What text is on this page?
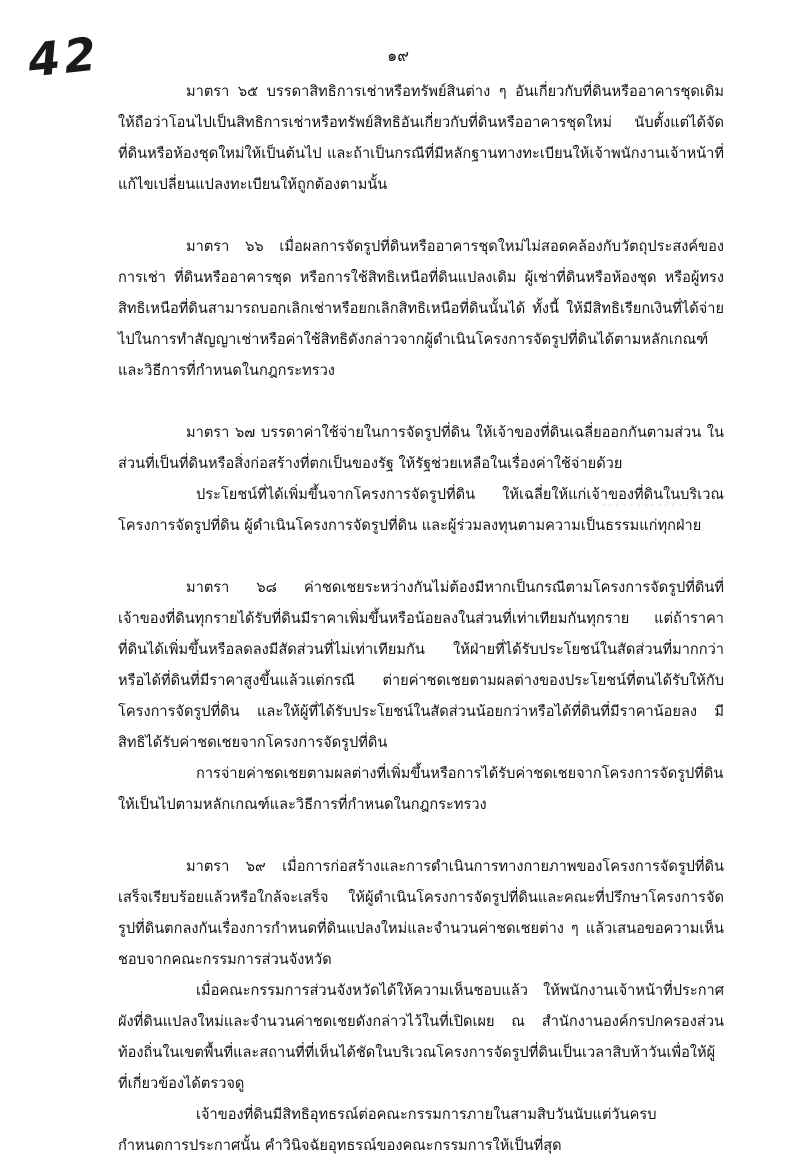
42	๑๙

มาตรา ๖๕ บรรดาสิทธิการเช่าหรือทรัพย์สินต่าง ๆ อันเกี่ยวกับที่ดินหรืออาคารชุดเดิม ให้ถือว่าโอนไปเป็นสิทธิการเช่าหรือทรัพย์สิทธิอันเกี่ยวกับที่ดินหรืออาคารชุดใหม่ นับตั้งแต่ได้จัดที่ดินหรือห้องชุดใหม่ให้เป็นต้นไป และถ้าเป็นกรณีที่มีหลักฐานทางทะเบียนให้เจ้าพนักงานเจ้าหน้าที่แก้ไขเปลี่ยนแปลงทะเบียนให้ถูกต้องตามนั้น

มาตรา ๖๖ เมื่อผลการจัดรูปที่ดินหรืออาคารชุดใหม่ไม่สอดคล้องกับวัตถุประสงค์ของการเช่า ที่ดินหรืออาคารชุด หรือการใช้สิทธิเหนือที่ดินแปลงเดิม ผู้เช่าที่ดินหรือห้องชุด หรือผู้ทรงสิทธิเหนือที่ดินสามารถบอกเลิกเช่าหรือยกเลิกสิทธิเหนือที่ดินนั้นได้ ทั้งนี้ ให้มีสิทธิเรียกเงินที่ได้จ่ายไปในการทำสัญญาเช่าหรือค่าใช้สิทธิดังกล่าวจากผู้ดำเนินโครงการจัดรูปที่ดินได้ตามหลักเกณฑ์และวิธีการที่กำหนดในกฎกระทรวง

มาตรา ๖๗ บรรดาค่าใช้จ่ายในการจัดรูปที่ดิน ให้เจ้าของที่ดินเฉลี่ยออกกันตามส่วน ในส่วนที่เป็นที่ดินหรือสิ่งก่อสร้างที่ตกเป็นของรัฐ ให้รัฐช่วยเหลือในเรื่องค่าใช้จ่ายด้วย

ประโยชน์ที่ได้เพิ่มขึ้นจากโครงการจัดรูปที่ดิน ให้เฉลี่ยให้แก่เจ้าของที่ดินในบริเวณโครงการจัดรูปที่ดิน ผู้ดำเนินโครงการจัดรูปที่ดิน และผู้ร่วมลงทุนตามความเป็นธรรมแก่ทุกฝ่าย

มาตรา ๖๘ ค่าชดเชยระหว่างกันไม่ต้องมีหากเป็นกรณีตามโครงการจัดรูปที่ดินที่เจ้าของที่ดินทุกรายได้รับที่ดินมีราคาเพิ่มขึ้นหรือน้อยลงในส่วนที่เท่าเทียมกันทุกราย แต่ถ้าราคาที่ดินได้เพิ่มขึ้นหรือลดลงมีสัดส่วนที่ไม่เท่าเทียมกัน ให้ฝ่ายที่ได้รับประโยชน์ในสัดส่วนที่มากกว่าหรือได้ที่ดินที่มีราคาสูงขึ้นแล้วแต่กรณี ต่ายค่าชดเชยตามผลต่างของประโยชน์ที่ตนได้รับให้กับโครงการจัดรูปที่ดิน และให้ผู้ที่ได้รับประโยชน์ในสัดส่วนน้อยกว่าหรือได้ที่ดินที่มีราคาน้อยลง มีสิทธิได้รับค่าชดเชยจากโครงการจัดรูปที่ดิน

การจ่ายค่าชดเชยตามผลต่างที่เพิ่มขึ้นหรือการได้รับค่าชดเชยจากโครงการจัดรูปที่ดินให้เป็นไปตามหลักเกณฑ์และวิธีการที่กำหนดในกฎกระทรวง

มาตรา ๖๙ เมื่อการก่อสร้างและการดำเนินการทางกายภาพของโครงการจัดรูปที่ดินเสร็จเรียบร้อยแล้วหรือใกล้จะเสร็จ ให้ผู้ดำเนินโครงการจัดรูปที่ดินและคณะที่ปรึกษาโครงการจัดรูปที่ดินตกลงกันเรื่องการกำหนดที่ดินแปลงใหม่และจำนวนค่าชดเชยต่าง ๆ แล้วเสนอขอความเห็นชอบจากคณะกรรมการส่วนจังหวัด

เมื่อคณะกรรมการส่วนจังหวัดได้ให้ความเห็นชอบแล้ว ให้พนักงานเจ้าหน้าที่ประกาศผังที่ดินแปลงใหม่และจำนวนค่าชดเชยดังกล่าวไว้ในที่เปิดเผย ณ สำนักงานองค์กรปกครองส่วนท้องถิ่นในเขตพื้นที่และสถานที่ที่เห็นได้ชัดในบริเวณโครงการจัดรูปที่ดินเป็นเวลาสิบห้าวันเพื่อให้ผู้ที่เกี่ยวข้องได้ตรวจดู

เจ้าของที่ดินมีสิทธิอุทธรณ์ต่อคณะกรรมการภายในสามสิบวันนับแต่วันครบกำหนดการประกาศนั้น คำวินิจฉัยอุทธรณ์ของคณะกรรมการให้เป็นที่สุด
